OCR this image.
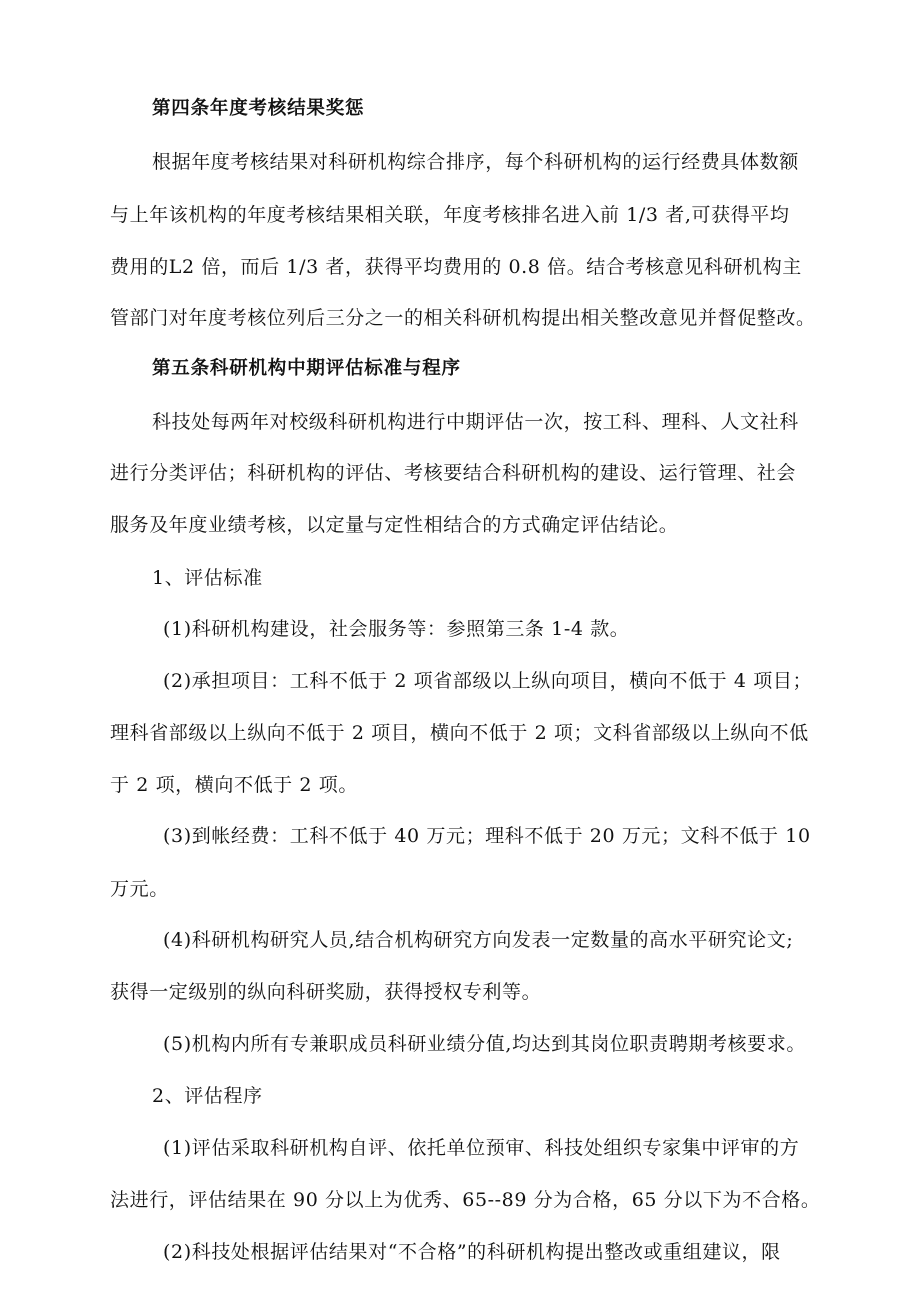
第四条年度考核结果奖惩
根据年度考核结果对科研机构综合排序，每个科研机构的运行经费具体数额
与上年该机构的年度考核结果相关联，年度考核排名进入前 1/3 者,可获得平均
费用的L2 倍，而后 1/3 者，获得平均费用的 0.8 倍。结合考核意见科研机构主
管部门对年度考核位列后三分之一的相关科研机构提出相关整改意见并督促整改。
第五条科研机构中期评估标准与程序
科技处每两年对校级科研机构进行中期评估一次，按工科、理科、人文社科
进行分类评估；科研机构的评估、考核要结合科研机构的建设、运行管理、社会
服务及年度业绩考核，以定量与定性相结合的方式确定评估结论。
1、评估标准
(1)科研机构建设，社会服务等：参照第三条 1-4 款。
(2)承担项目：工科不低于 2 项省部级以上纵向项目，横向不低于 4 项目；
理科省部级以上纵向不低于 2 项目，横向不低于 2 项；文科省部级以上纵向不低
于 2 项，横向不低于 2 项。
(3)到帐经费：工科不低于 40 万元；理科不低于 20 万元；文科不低于 10
万元。
(4)科研机构研究人员,结合机构研究方向发表一定数量的高水平研究论文;
获得一定级别的纵向科研奖励，获得授权专利等。
(5)机构内所有专兼职成员科研业绩分值,均达到其岗位职责聘期考核要求。
2、评估程序
(1)评估采取科研机构自评、依托单位预审、科技处组织专家集中评审的方
法进行，评估结果在 90 分以上为优秀、65--89 分为合格，65 分以下为不合格。
(2)科技处根据评估结果对“不合格”的科研机构提出整改或重组建议，限
